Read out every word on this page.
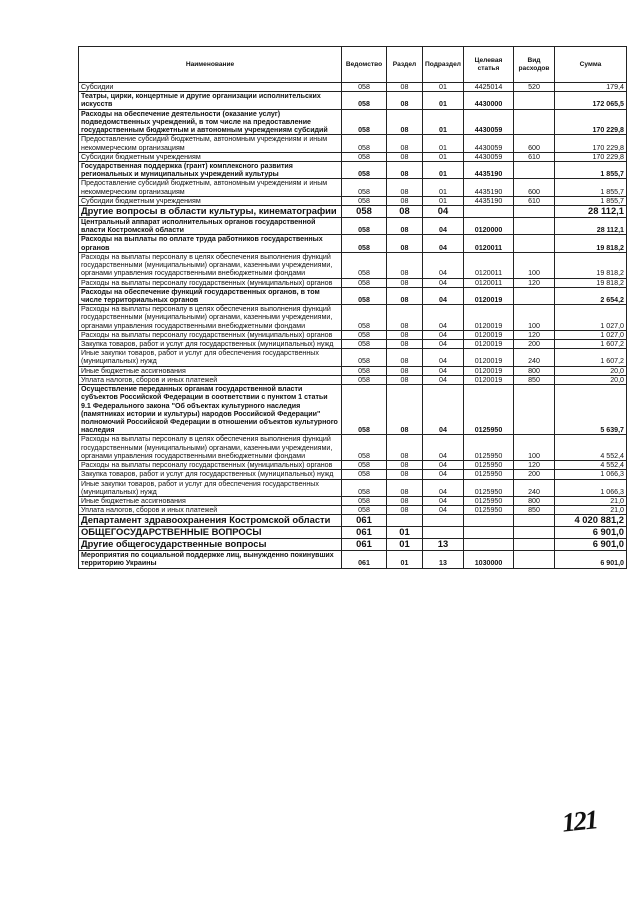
Наименование	Ведомство	Раздел	Подраздел	Целевая статья	Вид расходов	Сумма
Субсидии	058	08	01	4425014	520	179,4
Театры, цирки, концертные и другие организации исполнительских искусств	058	08	01	4430000		172 065,5
Расходы на обеспечение деятельности (оказание услуг) подведомственных учреждений, в том числе на предоставление государственным бюджетным и автономным учреждениям субсидий	058	08	01	4430059		170 229,8
Предоставление субсидий бюджетным, автономным учреждениям и иным некоммерческим организациям	058	08	01	4430059	600	170 229,8
Субсидии бюджетным учреждениям	058	08	01	4430059	610	170 229,8
Государственная поддержка (грант) комплексного развития региональных и муниципальных учреждений культуры	058	08	01	4435190		1 855,7
Предоставление субсидий бюджетным, автономным учреждениям и иным некоммерческим организациям	058	08	01	4435190	600	1 855,7
Субсидии бюджетным учреждениям	058	08	01	4435190	610	1 855,7
Другие вопросы в области культуры, кинематографии	058	08	04			28 112,1
Центральный аппарат исполнительных органов государственной власти Костромской области	058	08	04	0120000		28 112,1
Расходы на выплаты по оплате труда работников государственных органов	058	08	04	0120011		19 818,2
Расходы на выплаты персоналу в целях обеспечения выполнения функций государственными (муниципальными) органами, казенными учреждениями, органами управления государственными внебюджетными фондами	058	08	04	0120011	100	19 818,2
Расходы на выплаты персоналу государственных (муниципальных) органов	058	08	04	0120011	120	19 818,2
Расходы на обеспечение функций государственных органов, в том числе территориальных органов	058	08	04	0120019		2 654,2
Расходы на выплаты персоналу в целях обеспечения выполнения функций государственными (муниципальными) органами, казенными учреждениями, органами управления государственными внебюджетными фондами	058	08	04	0120019	100	1 027,0
Расходы на выплаты персоналу государственных (муниципальных) органов	058	08	04	0120019	120	1 027,0
Закупка товаров, работ и услуг для государственных (муниципальных) нужд	058	08	04	0120019	200	1 607,2
Иные закупки товаров, работ и услуг для обеспечения государственных (муниципальных) нужд	058	08	04	0120019	240	1 607,2
Иные бюджетные ассигнования	058	08	04	0120019	800	20,0
Уплата налогов, сборов и иных платежей	058	08	04	0120019	850	20,0
Осуществление переданных органам государственной власти субъектов Российской Федерации в соответствии с пунктом 1 статьи 9.1 Федерального закона "Об объектах культурного наследия (памятниках истории и культуры) народов Российской Федерации" полномочий Российской Федерации в отношении объектов культурного наследия	058	08	04	0125950		5 639,7
Расходы на выплаты персоналу в целях обеспечения выполнения функций государственными (муниципальными) органами, казенными учреждениями, органами управления государственными внебюджетными фондами	058	08	04	0125950	100	4 552,4
Расходы на выплаты персоналу государственных (муниципальных) органов	058	08	04	0125950	120	4 552,4
Закупка товаров, работ и услуг для государственных (муниципальных) нужд	058	08	04	0125950	200	1 066,3
Иные закупки товаров, работ и услуг для обеспечения государственных (муниципальных) нужд	058	08	04	0125950	240	1 066,3
Иные бюджетные ассигнования	058	08	04	0125950	800	21,0
Уплата налогов, сборов и иных платежей	058	08	04	0125950	850	21,0
Департамент здравоохранения Костромской области	061					4 020 881,2
ОБЩЕГОСУДАРСТВЕННЫЕ ВОПРОСЫ	061	01				6 901,0
Другие общегосударственные вопросы	061	01	13			6 901,0
Мероприятия по социальной поддержке лиц, вынужденно покинувших территорию Украины	061	01	13	1030000		6 901,0
121
